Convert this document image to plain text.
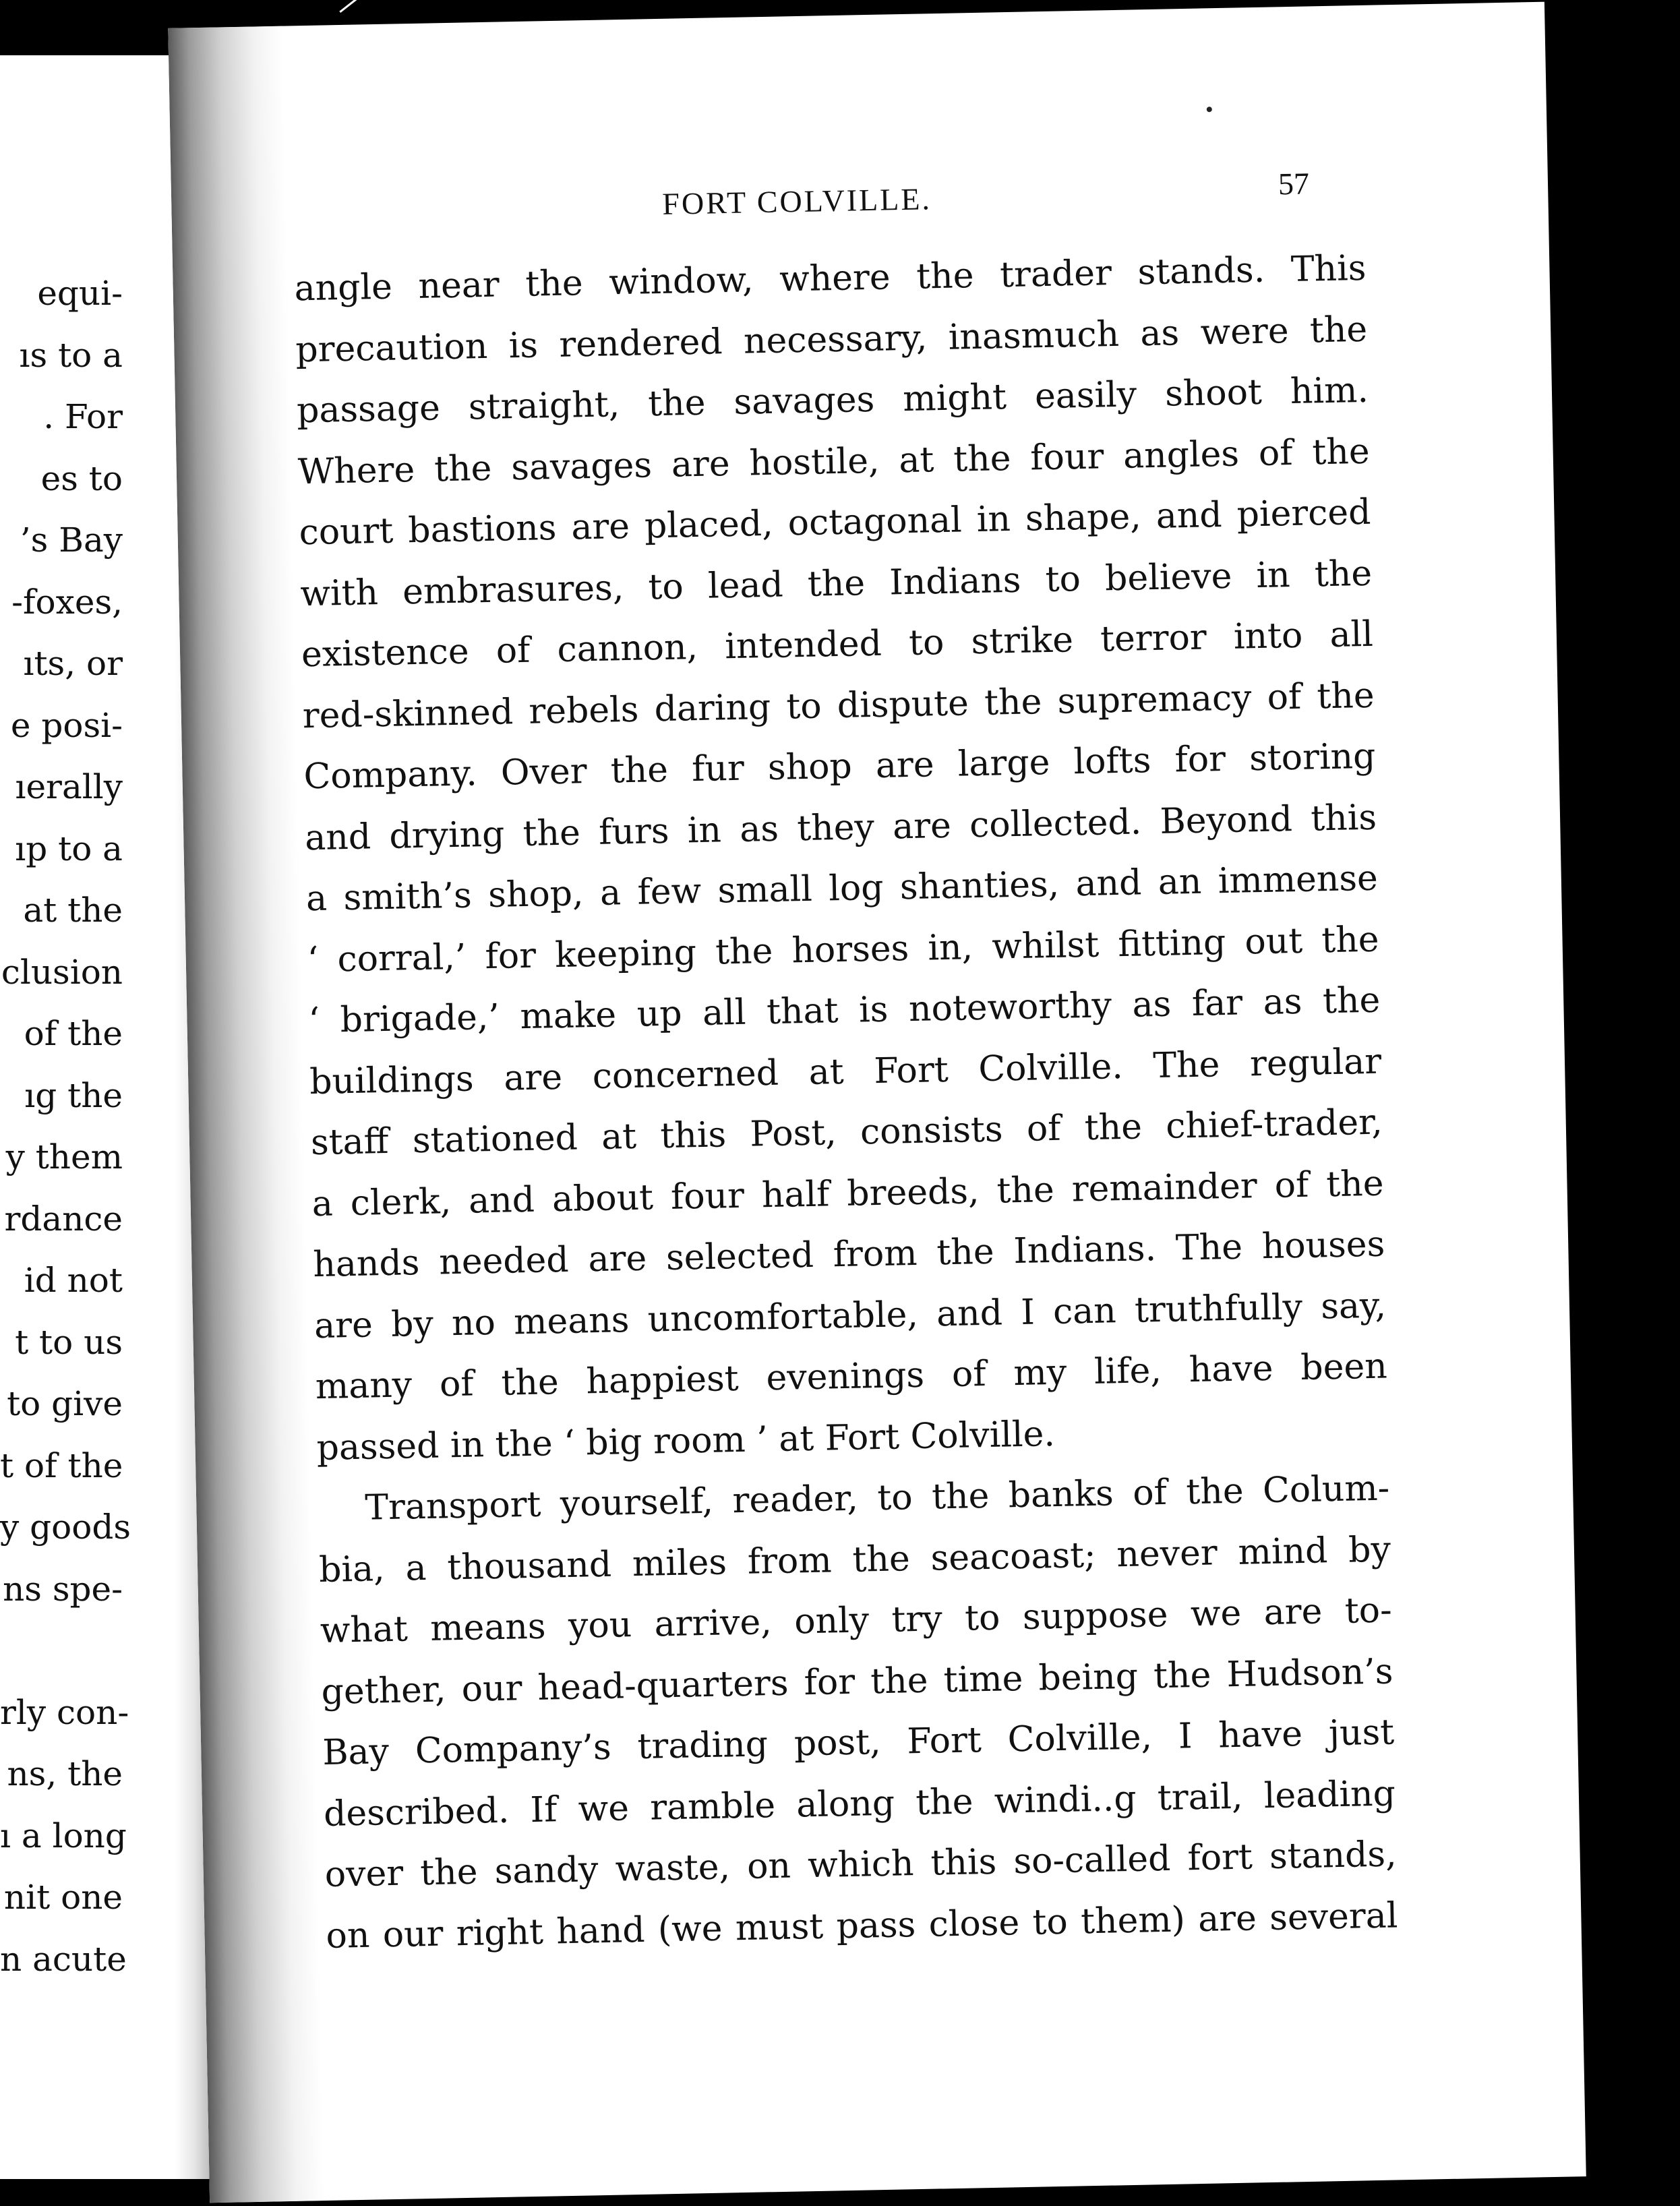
equi-
ıs to a
. For
es to
’s Bay
-foxes,
ıts, or
e posi-
ıerally
ıp to a
at the
clusion
of the
ıg the
y them
rdance
id not
t to us
to give
t of the
y goods
ns spe-
rly con-
ns, the
ı a long
nit one
n acute
FORT COLVILLE.	57
angle near the window, where the trader stands. This
precaution is rendered necessary, inasmuch as were the
passage straight, the savages might easily shoot him.
Where the savages are hostile, at the four angles of the
court bastions are placed, octagonal in shape, and pierced
with embrasures, to lead the Indians to believe in the
existence of cannon, intended to strike terror into all
red-skinned rebels daring to dispute the supremacy of the
Company. Over the fur shop are large lofts for storing
and drying the furs in as they are collected. Beyond this
a smith’s shop, a few small log shanties, and an immense
‘ corral,’ for keeping the horses in, whilst fitting out the
‘ brigade,’ make up all that is noteworthy as far as the
buildings are concerned at Fort Colville. The regular
staff stationed at this Post, consists of the chief-trader,
a clerk, and about four half breeds, the remainder of the
hands needed are selected from the Indians. The houses
are by no means uncomfortable, and I can truthfully say,
many of the happiest evenings of my life, have been
passed in the ‘ big room ’ at Fort Colville.
Transport yourself, reader, to the banks of the Colum-
bia, a thousand miles from the seacoast; never mind by
what means you arrive, only try to suppose we are to-
gether, our head-quarters for the time being the Hudson’s
Bay Company’s trading post, Fort Colville, I have just
described. If we ramble along the windi..g trail, leading
over the sandy waste, on which this so-called fort stands,
on our right hand (we must pass close to them) are several
